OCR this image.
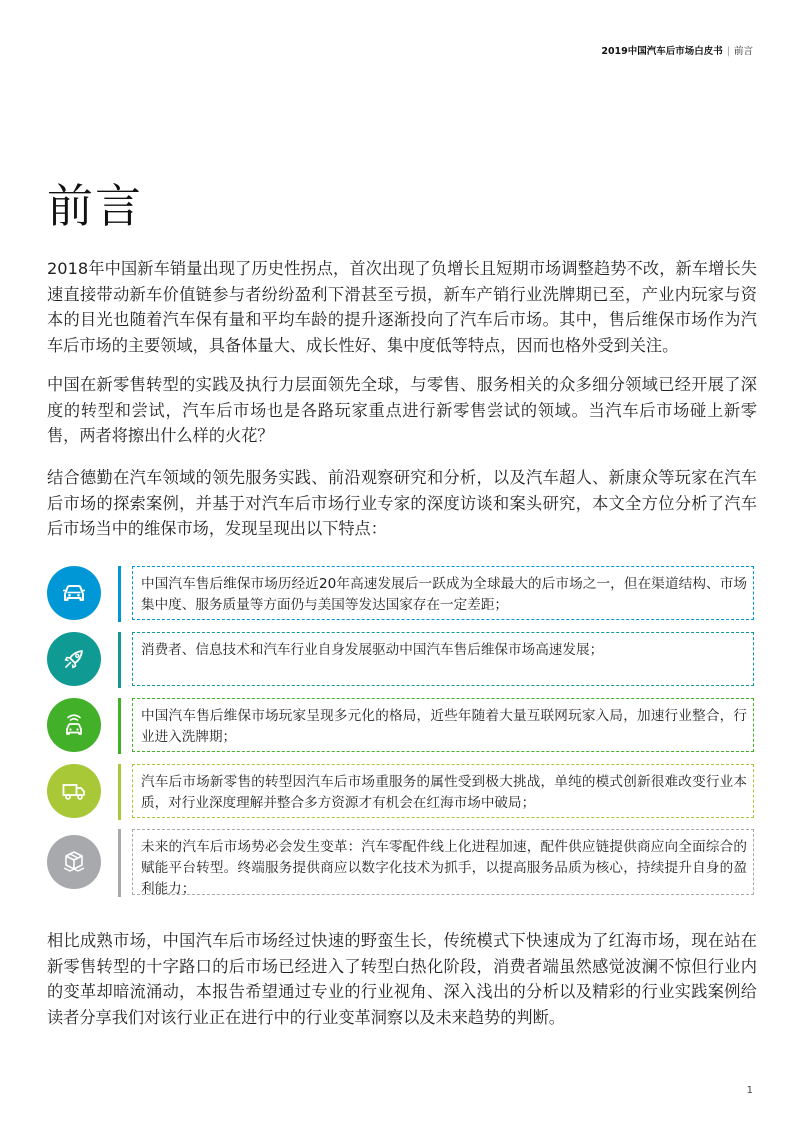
2019中国汽车后市场白皮书 | 前言
前言

2018年中国新车销量出现了历史性拐点，首次出现了负增长且短期市场调整趋势不改，新车增长失速直接带动新车价值链参与者纷纷盈利下滑甚至亏损，新车产销行业洗牌期已至，产业内玩家与资本的目光也随着汽车保有量和平均车龄的提升逐渐投向了汽车后市场。其中，售后维保市场作为汽车后市场的主要领域，具备体量大、成长性好、集中度低等特点，因而也格外受到关注。

中国在新零售转型的实践及执行力层面领先全球，与零售、服务相关的众多细分领域已经开展了深度的转型和尝试，汽车后市场也是各路玩家重点进行新零售尝试的领域。当汽车后市场碰上新零售，两者将擦出什么样的火花？

结合德勤在汽车领域的领先服务实践、前沿观察研究和分析，以及汽车超人、新康众等玩家在汽车后市场的探索案例，并基于对汽车后市场行业专家的深度访谈和案头研究，本文全方位分析了汽车后市场当中的维保市场，发现呈现出以下特点：

中国汽车售后维保市场历经近20年高速发展后一跃成为全球最大的后市场之一，但在渠道结构、市场集中度、服务质量等方面仍与美国等发达国家存在一定差距；
消费者、信息技术和汽车行业自身发展驱动中国汽车售后维保市场高速发展；
中国汽车售后维保市场玩家呈现多元化的格局，近些年随着大量互联网玩家入局，加速行业整合，行业进入洗牌期；
汽车后市场新零售的转型因汽车后市场重服务的属性受到极大挑战，单纯的模式创新很难改变行业本质，对行业深度理解并整合多方资源才有机会在红海市场中破局；
未来的汽车后市场势必会发生变革：汽车零配件线上化进程加速，配件供应链提供商应向全面综合的赋能平台转型。终端服务提供商应以数字化技术为抓手，以提高服务品质为核心，持续提升自身的盈利能力；

相比成熟市场，中国汽车后市场经过快速的野蛮生长，传统模式下快速成为了红海市场，现在站在新零售转型的十字路口的后市场已经进入了转型白热化阶段，消费者端虽然感觉波澜不惊但行业内的变革却暗流涌动，本报告希望通过专业的行业视角、深入浅出的分析以及精彩的行业实践案例给读者分享我们对该行业正在进行中的行业变革洞察以及未来趋势的判断。

1
